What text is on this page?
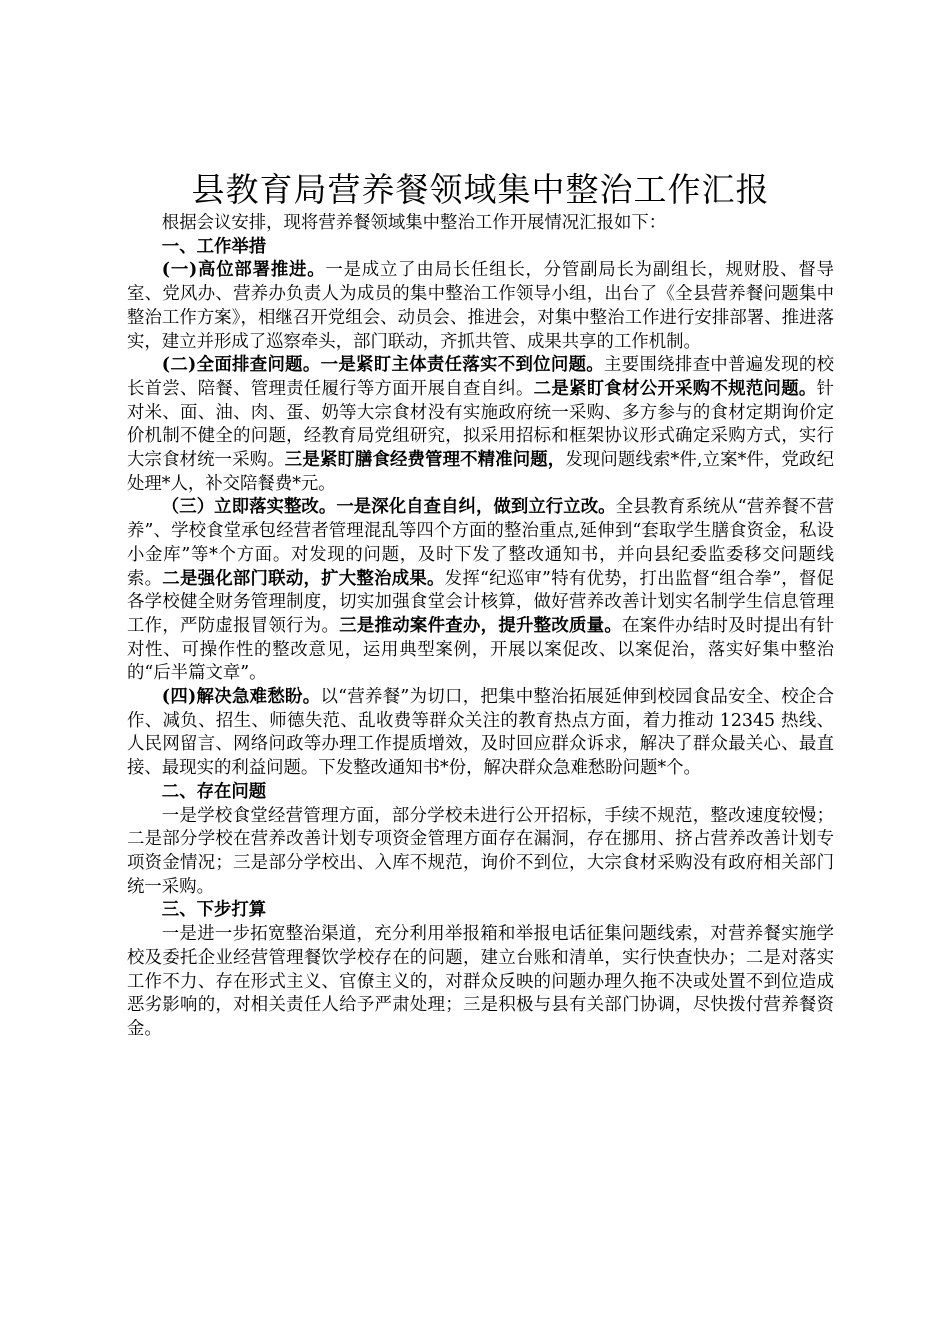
县教育局营养餐领域集中整治工作汇报

根据会议安排，现将营养餐领域集中整治工作开展情况汇报如下：

一、工作举措

(一)高位部署推进。一是成立了由局长任组长，分管副局长为副组长，规财股、督导室、党风办、营养办负责人为成员的集中整治工作领导小组，出台了《全县营养餐问题集中整治工作方案》，相继召开党组会、动员会、推进会，对集中整治工作进行安排部署、推进落实，建立并形成了巡察牵头，部门联动，齐抓共管、成果共享的工作机制。

(二)全面排查问题。一是紧盯主体责任落实不到位问题。主要围绕排查中普遍发现的校长首尝、陪餐、管理责任履行等方面开展自查自纠。二是紧盯食材公开采购不规范问题。针对米、面、油、肉、蛋、奶等大宗食材没有实施政府统一采购、多方参与的食材定期询价定价机制不健全的问题，经教育局党组研究，拟采用招标和框架协议形式确定采购方式，实行大宗食材统一采购。三是紧盯膳食经费管理不精准问题，发现问题线索*件,立案*件，党政纪处理*人，补交陪餐费*元。

（三）立即落实整改。一是深化自查自纠，做到立行立改。全县教育系统从“营养餐不营养”、学校食堂承包经营者管理混乱等四个方面的整治重点,延伸到“套取学生膳食资金，私设小金库”等*个方面。对发现的问题，及时下发了整改通知书，并向县纪委监委移交问题线索。二是强化部门联动，扩大整治成果。发挥“纪巡审”特有优势，打出监督“组合拳”，督促各学校健全财务管理制度，切实加强食堂会计核算，做好营养改善计划实名制学生信息管理工作，严防虚报冒领行为。三是推动案件查办，提升整改质量。在案件办结时及时提出有针对性、可操作性的整改意见，运用典型案例，开展以案促改、以案促治，落实好集中整治的“后半篇文章”。

(四)解决急难愁盼。以“营养餐”为切口，把集中整治拓展延伸到校园食品安全、校企合作、减负、招生、师德失范、乱收费等群众关注的教育热点方面，着力推动 12345 热线、人民网留言、网络问政等办理工作提质增效，及时回应群众诉求，解决了群众最关心、最直接、最现实的利益问题。下发整改通知书*份，解决群众急难愁盼问题*个。

二、存在问题

一是学校食堂经营管理方面，部分学校未进行公开招标，手续不规范，整改速度较慢；二是部分学校在营养改善计划专项资金管理方面存在漏洞，存在挪用、挤占营养改善计划专项资金情况；三是部分学校出、入库不规范，询价不到位，大宗食材采购没有政府相关部门统一采购。

三、下步打算

一是进一步拓宽整治渠道，充分利用举报箱和举报电话征集问题线索，对营养餐实施学校及委托企业经营管理餐饮学校存在的问题，建立台账和清单，实行快查快办；二是对落实工作不力、存在形式主义、官僚主义的，对群众反映的问题办理久拖不决或处置不到位造成恶劣影响的，对相关责任人给予严肃处理；三是积极与县有关部门协调，尽快拨付营养餐资金。
